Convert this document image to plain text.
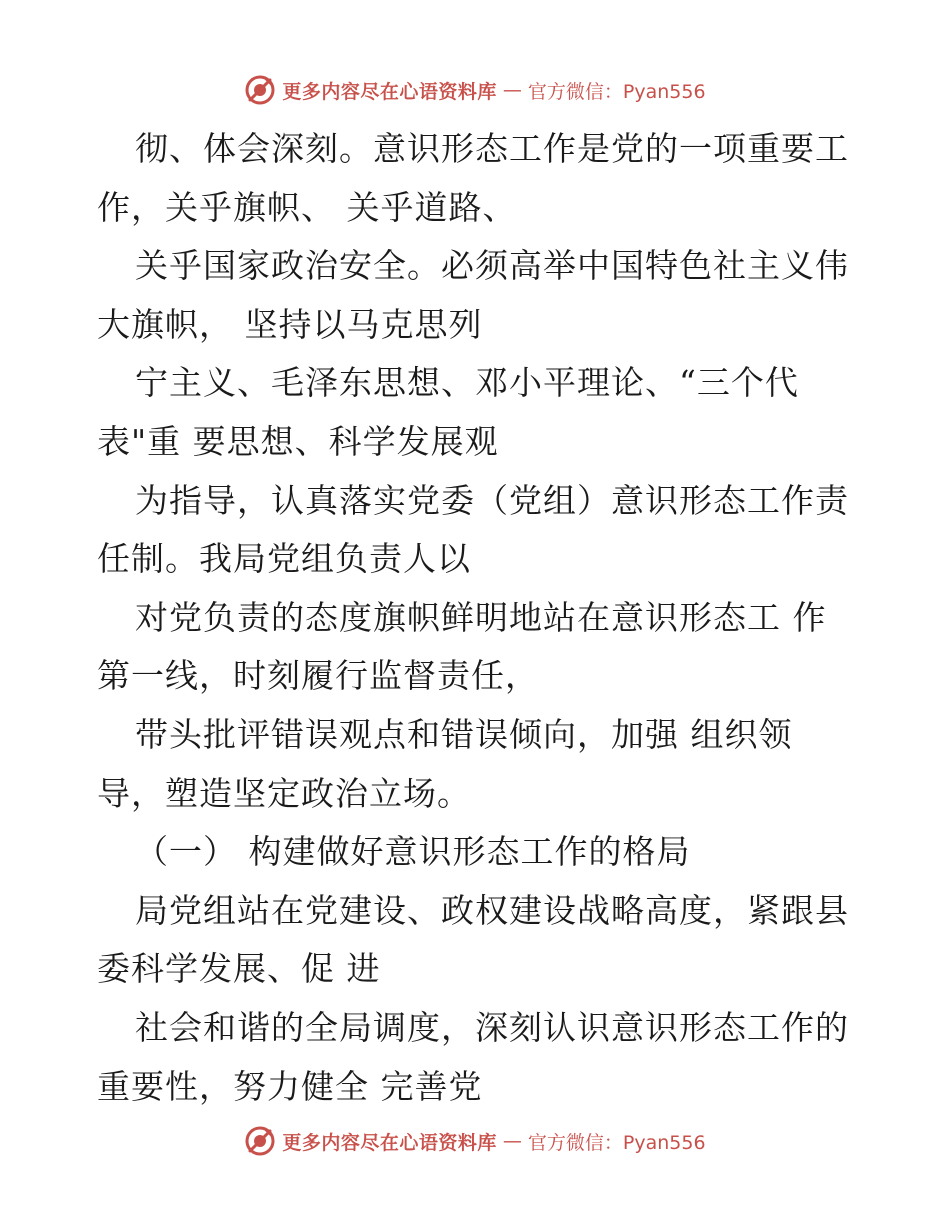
更多内容尽在心语资料库 — 官方微信：Pyan556
彻、体会深刻。意识形态工作是党的一项重要工
作，关乎旗帜、 关乎道路、
关乎国家政治安全。必须高举中国特色社主义伟
大旗帜， 坚持以马克思列
宁主义、毛泽东思想、邓小平理论、“三个代
表"重 要思想、科学发展观
为指导，认真落实党委（党组）意识形态工作责
任制。我局党组负责人以
对党负责的态度旗帜鲜明地站在意识形态工 作
第一线，时刻履行监督责任，
带头批评错误观点和错误倾向，加强 组织领
导，塑造坚定政治立场。
（一） 构建做好意识形态工作的格局
局党组站在党建设、政权建设战略高度，紧跟县
委科学发展、促 进
社会和谐的全局调度，深刻认识意识形态工作的
重要性，努力健全 完善党
更多内容尽在心语资料库 — 官方微信：Pyan556
